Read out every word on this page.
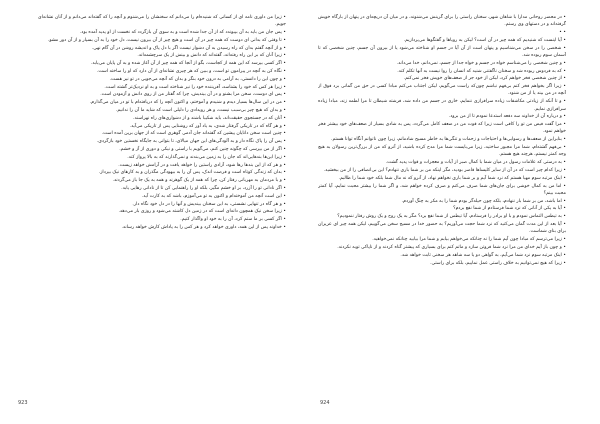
• زیرا من داوری نامه ای از کسانی که شنیده‌ام را می‌دانم که سخنشان را می‌شنوم و آنچه را که گفته‌اند می‌دانم و از آنان نشانه‌ای جویم.

• پس جان من باید به آن بپیوندد که از آن جدا شده است و به سوی آن بازگردد که نخست از او پدید آمده بود.

• تا وقتی که بدانی ای دوست که همه چیز در آن است و هیچ چیز از آن بیرون نیست، دل خود را به آن بسپار و از آن دور مشو.

• و از آنچه گفتم بدان که راه رسیدن به آن دشوار نیست اگر با دل پاک و اندیشه روشن در آن گام نهی.

• زیرا آنان که بر این راه رفته‌اند، گفته‌اند که دانش و بینش از یک سرچشمه‌اند.

• اگر کسی بپرسد که این همه از کجاست، بگو از آنجا که همه چیز از آن آغاز شده و به آن پایان می‌یابد.

• نگاه کن به آنچه در پیرامون تو است، و ببین که هر چیزی نشانه‌ای از آن دارد که او را ساخته است.

• و چون این را دانستی، به آرامی به درون خود بنگر و بدان که آنچه می‌جویی در تو نیز هست.

• زیرا هر کس که خود را بشناسد، آفریننده خود را نیز شناخته است و به او نزدیک‌تر گشته است.

• پس ای دوست، سخن مرا بشنو و در آن بیندیش، چرا که گفتار من از روی دانش و آزمودن است.

• من در این سال‌ها بسیار دیدم و شنیدم و آموختم، و اکنون آنچه را که دریافته‌ام با تو در میان می‌گذارم.

• و بدان که هیچ چیز بی‌سبب نیست، و هر رویدادی را دلیلی است که شاید ما آن را ندانیم.

• آنان که در جستجوی حقیقت‌اند، باید شکیبا باشند و از دشواری‌های راه نهراسند.

• و هر گاه که در تاریکی گرفتار شدی، به یاد آور که روشنایی پس از تاریکی می‌آید.

• چنین است سخن دانایان پیشین که گفته‌اند جان آدمی گوهری است که از جهان برین آمده است.

• پس آن را پاک نگاه دار و به آلودگی‌های این جهان میالای، تا بتوانی به جایگاه نخستین خود بازگردی.

• اگر از من بپرسی که چگونه چنین کنم، می‌گویم با راستی و نیکی و دوری از آز و خشم.

• زیرا این‌ها بندهایی‌اند که جان را به زمین می‌بندند و نمی‌گذارند که به بالا پرواز کند.

• و هر که از این بندها رها شود، آزادی راستین را خواهد یافت و در آرامش خواهد زیست.

• بدان که زندگی کوتاه است و فرصت اندک، پس آن را به بیهودگی مگذران و به کارهای نیک بپرداز.

• و با مردمان به مهربانی رفتار کن، چرا که همه از یک گوهرند و همه به یک جا باز می‌گردند.

• اگر نادانی تو را آزرد، بر او خشم مگیر، بلکه او را راهنمایی کن تا از نادانی رهایی یابد.

• این است آنچه من آموخته‌ام و اکنون به تو می‌آموزم، باشد که به کارت آید.

• و هر گاه در تنهایی نشستی، به این سخنان بیندیش و آنها را در دل خود نگاه دار.

• زیرا سخن نیک همچون دانه‌ای است که در زمین دل کاشته می‌شود و روزی بار می‌دهد.

• اگر کسی بر ما ستم کرد، آن را به خود او واگذار کنیم.

• خداوند پس از این همه، داوری خواهد کرد و هر کس را به پاداش کارش خواهد رساند.

• در محضر روحانی مدارا با شاهان شهر، سخنان راستی را برای گزینش می‌شنوند، و در میان آن دریچه‌ای در پنهان از بارگاه خویش گرفته‌اند و در دستهای وی رستم.

• •

• آیا اینست که شنیدیم که همه چیز در آن است؟ لیکن به رویاها و گفتگوها می‌پردازیم.

• شخصی را در سخن می‌شناسیم و پنهان است از آن آیا در جسم او شناخته می‌شود یا از بیرون آن جسم، چنین شخصی که تا آسمان سوم ربوده شد.

• و چنین شخصی را می‌شناسم خواه در جسم و خواه جدا از جسم، نمی‌دانم، خدا می‌داند.

• که به فردوس ربوده شد و سخنان ناگفتنی شنید که انسان را روا نیست به آنها تکلم کند.

• از چنین شخصی فخر خواهم کرد، لیکن از خود جز از ضعف‌های خویش فخر نمی‌کنم.

• زیرا اگر بخواهم فخر کنم بی‌فهم نباشم چون‌که راست می‌گویم، لیکن اجتناب می‌کنم مبادا کسی در حق من گمانی برد فوق از آنچه در من بیند یا از من شنود.

• و تا آنکه از زیادتی مکاشفات زیاده سرافرازی ننمایم، خاری در جسم من داده شد، فرشته شیطان تا مرا لطمه زند، مبادا زیاده سرافرازی نمایم.

• و درباره آن از خداوند سه دفعه استدعا نمودم تا از من برود.

• مرا گفت فیض من تو را کافی است زیرا که قوت من در ضعف کامل می‌گردد، پس به شادی بسیار از ضعف‌های خود بیشتر فخر خواهم نمود.

• بنابراین از ضعف‌ها و رسوایی‌ها و احتیاجات و زحمات و تنگی‌ها به خاطر مسیح شادمانم، زیرا چون ناتوانم آنگاه توانا هستم.

• بی‌فهم گشته‌ام، شما مرا مجبور ساختید، زیرا می‌بایست شما مرا مدح کرده باشید، از آنرو که من از بزرگ‌ترین رسولان به هیچ وجه کمتر نیستم، هرچند هیچ هستم.

• به درستی که علامات رسول در میان شما با کمال صبر از آیات و معجزات و قوات پدید گشت.

• زیرا کدام چیز است که در آن از سایر کلیساها قاصر بودید، مگر اینکه من بر شما باری ننهادم؟ این بی‌انصافی را از من ببخشید.

• اینک مرتبه سوم مهیا هستم که نزد شما آیم و بر شما باری نخواهم نهاد، از آنرو که نه مال شما بلکه خود شما را طالبم.

• اما من به کمال خوشی برای جان‌های شما صرف می‌کنم و صرف کرده خواهم شد، و اگر شما را بیشتر محبت نمایم، آیا کمتر محبت بینم؟

• اما باشد، من بر شما بار ننهادم، بلکه چون حیله‌گر بودم شما را به مکر به چنگ آوردم.

• آیا به یکی از آنانی که نزد شما فرستادم از شما نفع بردم؟

• به تیطس التماس نمودم و با او برادر را فرستادم، آیا تیطس از شما نفع برد؟ مگر به یک روح و یک روش رفتار ننمودیم؟

• آیا بعد از این مدت گمان می‌کنید که نزد شما حجت می‌آوریم؟ به حضور خدا در مسیح سخن می‌گوییم، لیکن همه چیز ای عزیزان برای بنای شماست.

• زیرا می‌ترسم که مبادا چون آیم شما را نه چنانکه می‌خواهم بیابم و شما مرا بیابید چنانکه نمی‌خواهید.

• و چون باز آیم خدای من مرا نزد شما فروتن سازد و ماتم کنم برای بسیاری که پیشتر گناه کردند و از ناپاکی توبه نکردند.

• اینک مرتبه سوم نزد شما می‌آیم، به گواهی دو یا سه شاهد هر سخنی ثابت خواهد شد.

• زیرا که هیچ نمی‌توانیم به خلاف راستی عمل نماییم، بلکه برای راستی.

923	924
